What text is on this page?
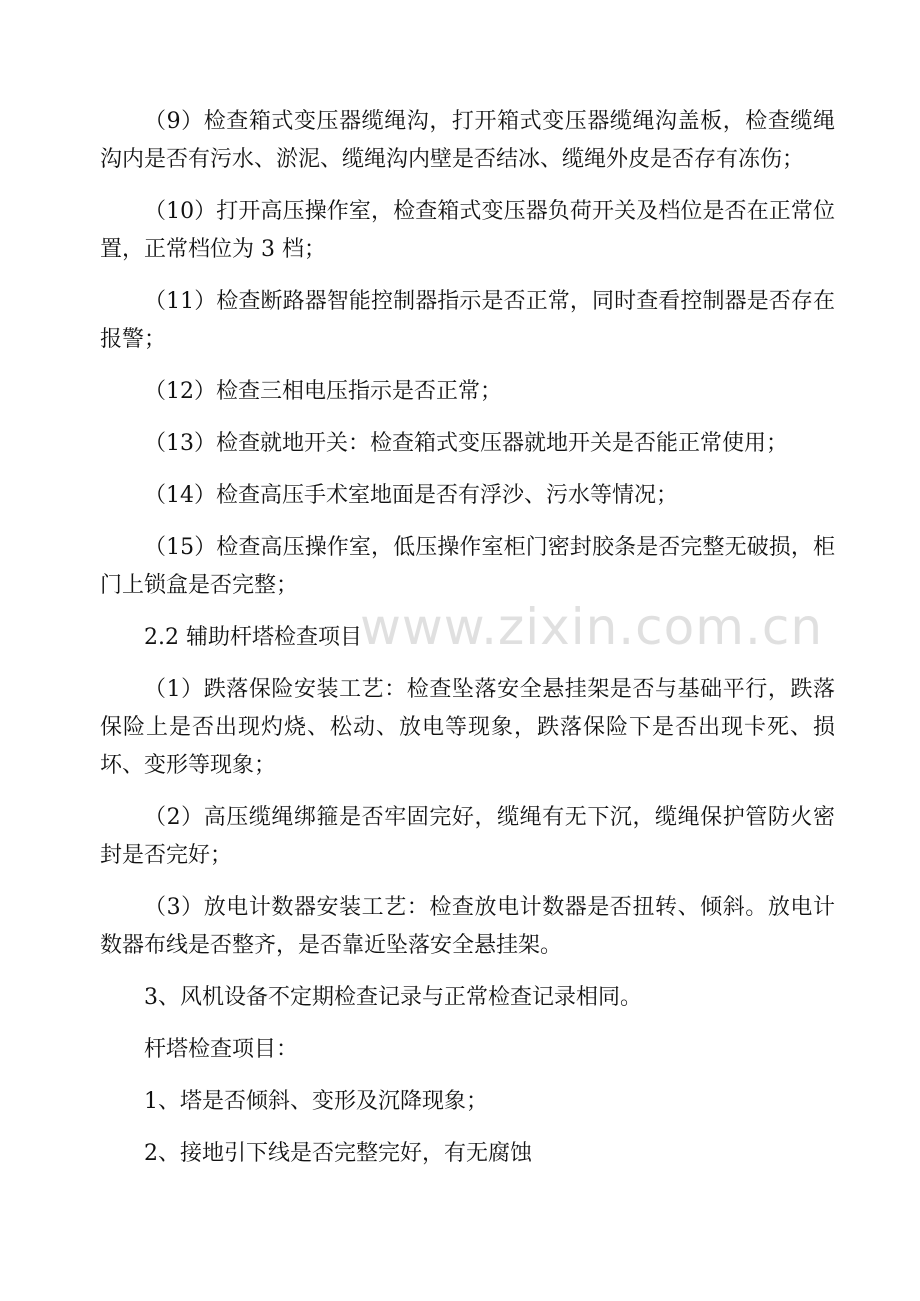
（9）检查箱式变压器缆绳沟，打开箱式变压器缆绳沟盖板，检查缆绳沟内是否有污水、淤泥、缆绳沟内壁是否结冰、缆绳外皮是否存有冻伤；

（10）打开高压操作室，检查箱式变压器负荷开关及档位是否在正常位置，正常档位为 3 档；

（11）检查断路器智能控制器指示是否正常，同时查看控制器是否存在报警；

（12）检查三相电压指示是否正常；

（13）检查就地开关：检查箱式变压器就地开关是否能正常使用；

（14）检查高压手术室地面是否有浮沙、污水等情况；

（15）检查高压操作室，低压操作室柜门密封胶条是否完整无破损，柜门上锁盒是否完整；

2.2 辅助杆塔检查项目

（1）跌落保险安装工艺：检查坠落安全悬挂架是否与基础平行，跌落保险上是否出现灼烧、松动、放电等现象，跌落保险下是否出现卡死、损坏、变形等现象；

（2）高压缆绳绑箍是否牢固完好，缆绳有无下沉，缆绳保护管防火密封是否完好；

（3）放电计数器安装工艺：检查放电计数器是否扭转、倾斜。放电计数器布线是否整齐，是否靠近坠落安全悬挂架。

3、风机设备不定期检查记录与正常检查记录相同。

杆塔检查项目：

1、塔是否倾斜、变形及沉降现象；

2、接地引下线是否完整完好，有无腐蚀

www.zixin.com.cn
